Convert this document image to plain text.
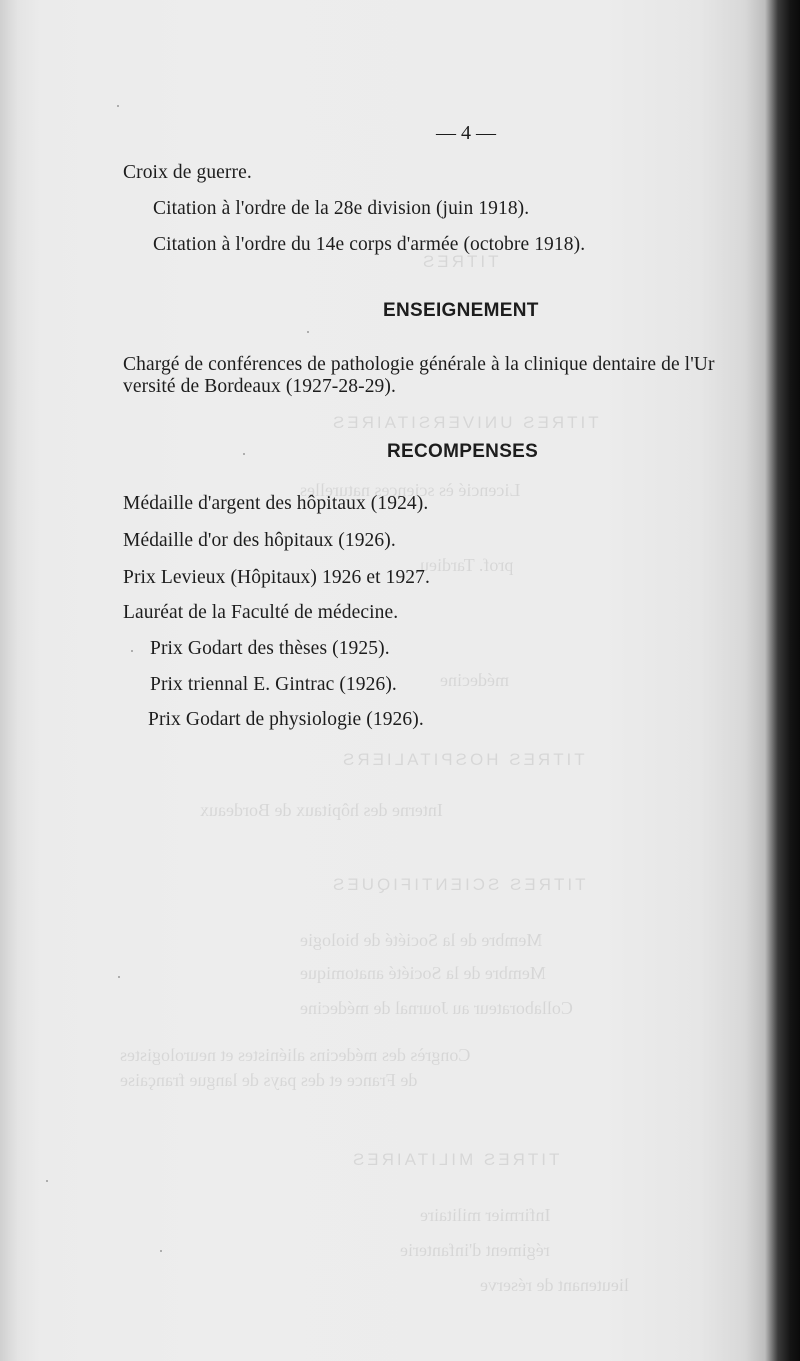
TITRES
TITRES UNIVERSITAIRES
Licencié ès sciences naturelles
prof. Tardieu
médecine
TITRES HOSPITALIERS
Interne des hôpitaux de Bordeaux
TITRES SCIENTIFIQUES
Membre de la Société de biologie
Membre de la Société anatomique
Collaborateur au Journal de médecine
Congrès des médecins aliénistes et neurologistes
de France et des pays de langue française
TITRES MILITAIRES
Infirmier militaire
régiment d'infanterie
lieutenant de réserve
— 4 —
Croix de guerre.
Citation à l'ordre de la 28e division (juin 1918).
Citation à l'ordre du 14e corps d'armée (octobre 1918).
ENSEIGNEMENT
Chargé de conférences de pathologie générale à la clinique dentaire de l'Ur
versité de Bordeaux (1927-28-29).
RECOMPENSES
Médaille d'argent des hôpitaux (1924).
Médaille d'or des hôpitaux (1926).
Prix Levieux (Hôpitaux) 1926 et 1927.
Lauréat de la Faculté de médecine.
Prix Godart des thèses (1925).
Prix triennal E. Gintrac (1926).
Prix Godart de physiologie (1926).
